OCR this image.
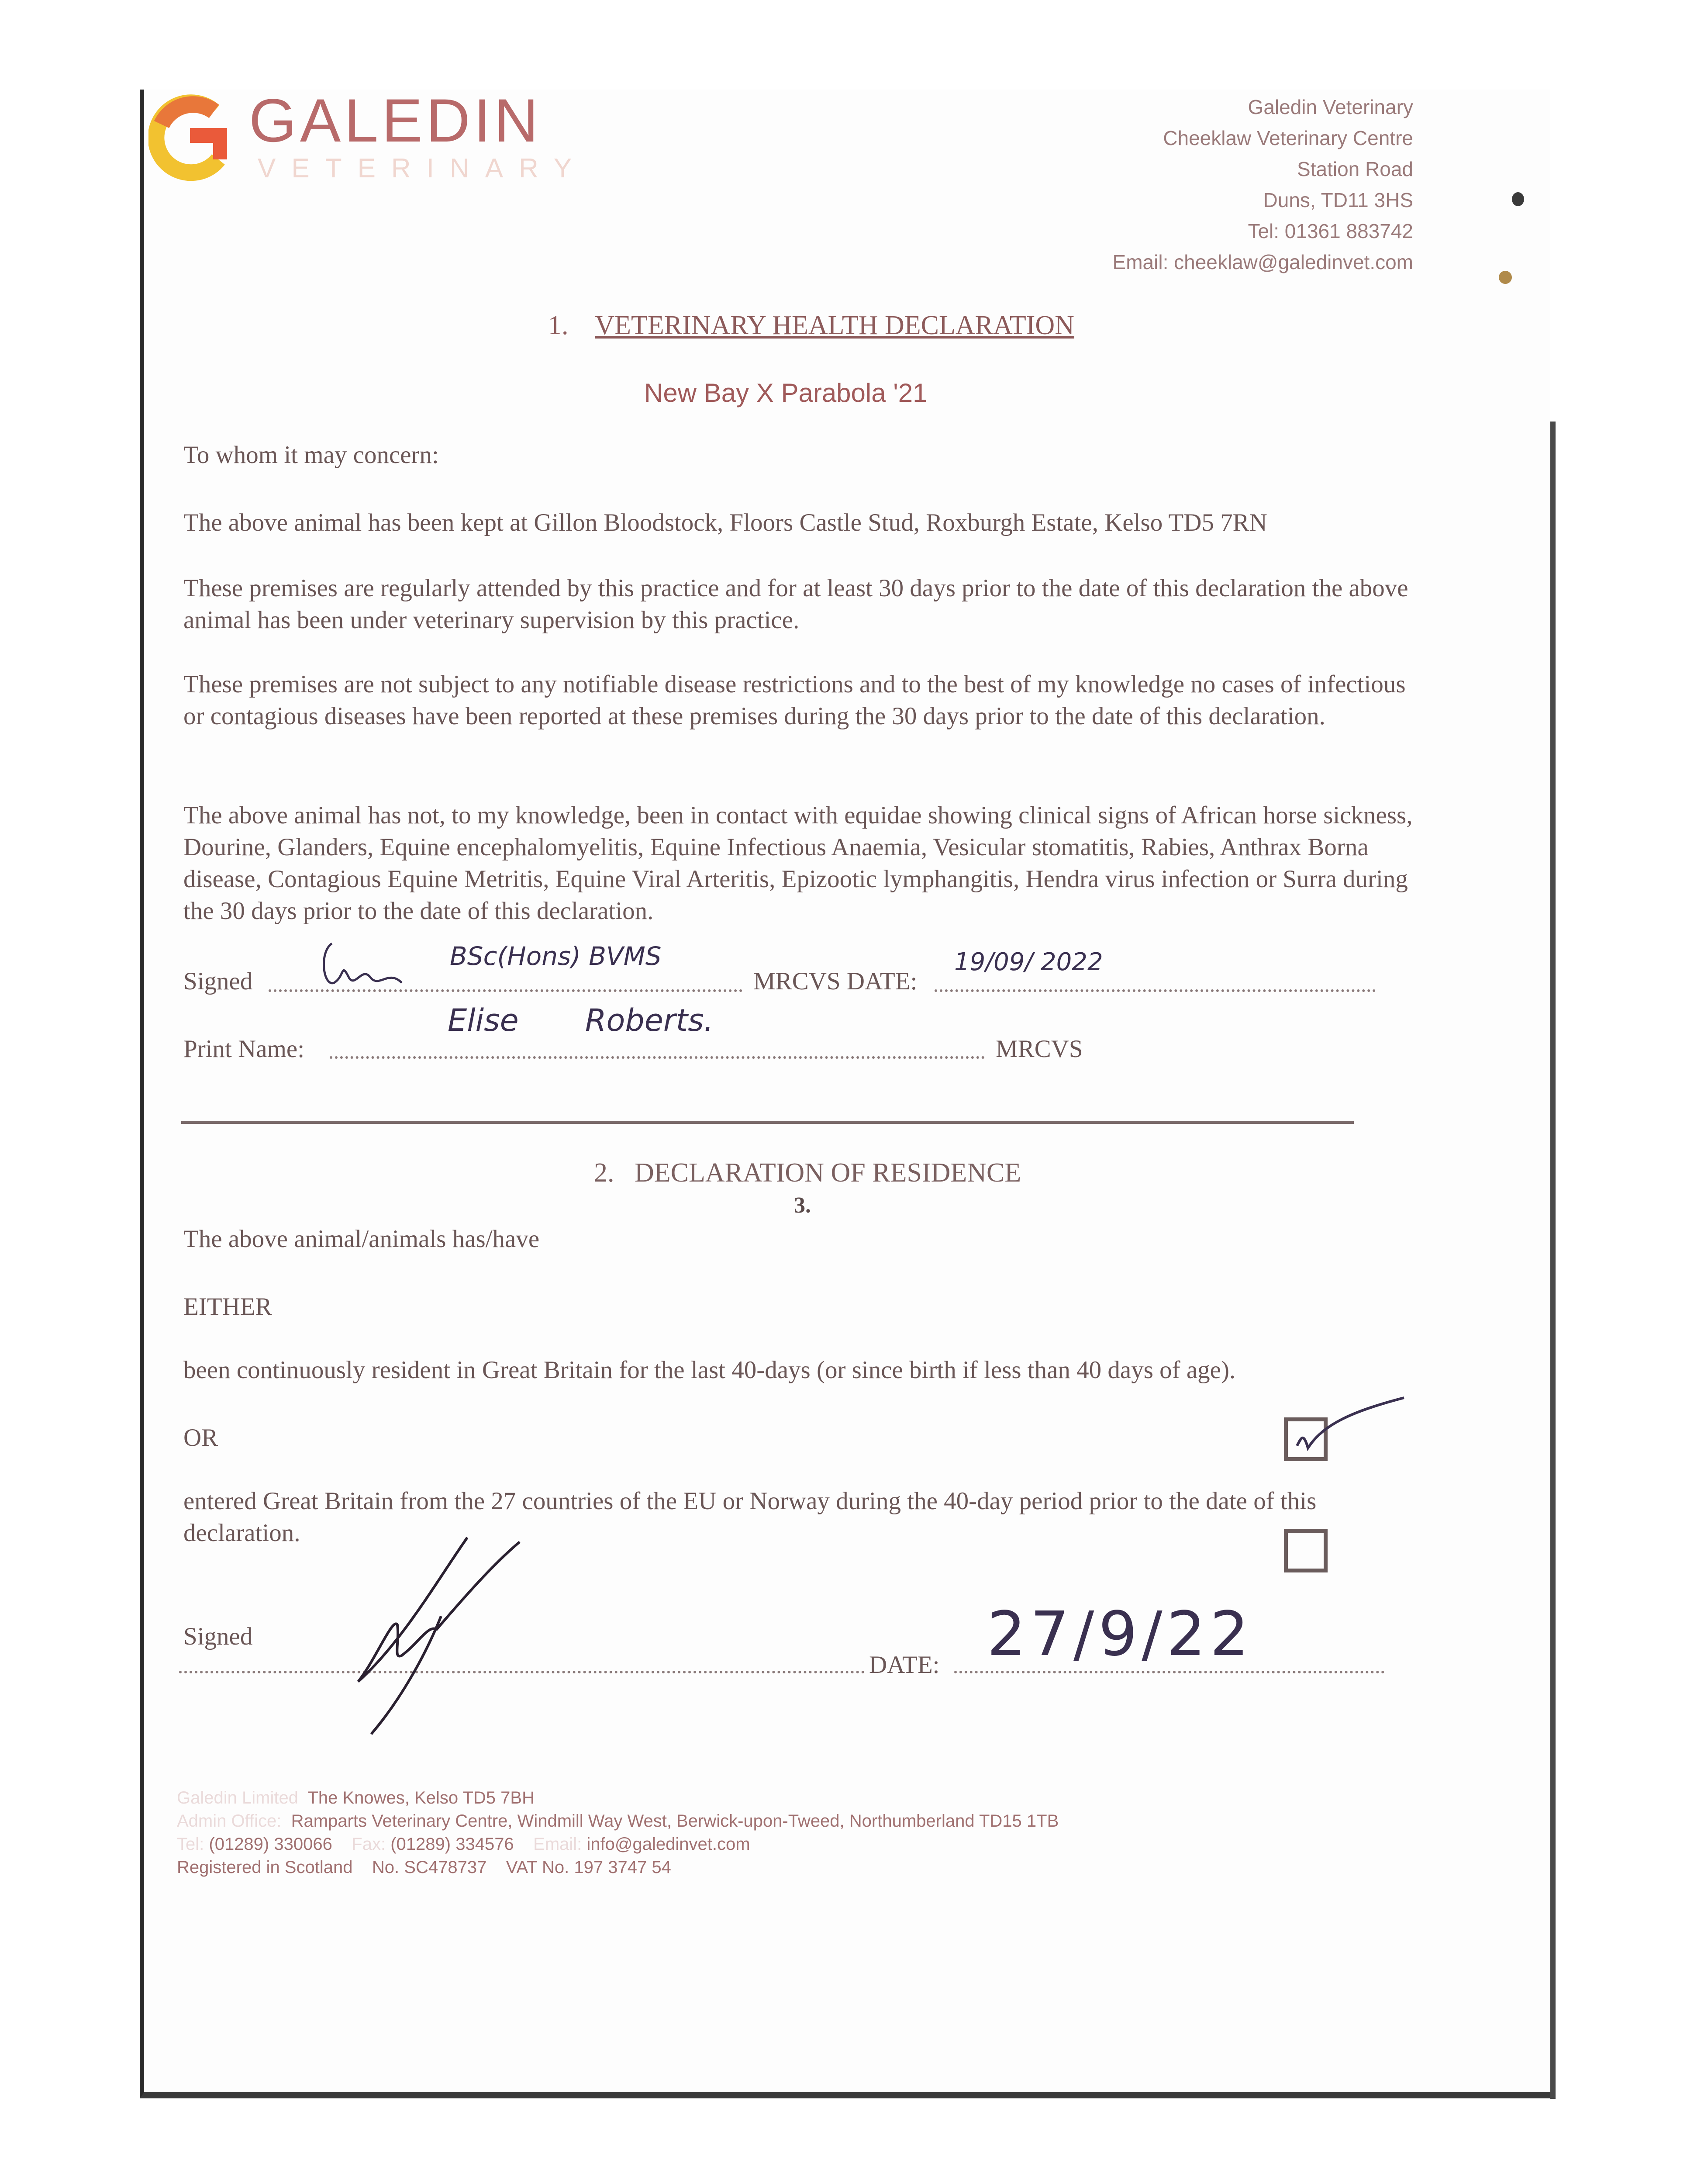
GALEDIN
VETERINARY
Galedin Veterinary
Cheeklaw Veterinary Centre
Station Road
Duns, TD11 3HS
Tel: 01361 883742
Email: cheeklaw@galedinvet.com
1. VETERINARY HEALTH DECLARATION
New Bay X Parabola '21
To whom it may concern:
The above animal has been kept at Gillon Bloodstock, Floors Castle Stud, Roxburgh Estate, Kelso TD5 7RN
These premises are regularly attended by this practice and for at least 30 days prior to the date of this declaration the above animal has been under veterinary supervision by this practice.
These premises are not subject to any notifiable disease restrictions and to the best of my knowledge no cases of infectious or contagious diseases have been reported at these premises during the 30 days prior to the date of this declaration.
The above animal has not, to my knowledge, been in contact with equidae showing clinical signs of African horse sickness, Dourine, Glanders, Equine encephalomyelitis, Equine Infectious Anaemia, Vesicular stomatitis, Rabies, Anthrax Borna disease, Contagious Equine Metritis, Equine Viral Arteritis, Epizootic lymphangitis, Hendra virus infection or Surra during the 30 days prior to the date of this declaration.
Signed
BSc(Hons) BVMS
MRCVS DATE:
19/09/ 2022
Print Name:
Elise Roberts.
MRCVS
2. DECLARATION OF RESIDENCE
3.
The above animal/animals has/have
EITHER
been continuously resident in Great Britain for the last 40-days (or since birth if less than 40 days of age).
OR
entered Great Britain from the 27 countries of the EU or Norway during the 40-day period prior to the date of this declaration.
Signed
DATE: 27/9/22
Galedin Limited The Knowes, Kelso TD5 7BH
Admin Office: Ramparts Veterinary Centre, Windmill Way West, Berwick-upon-Tweed, Northumberland TD15 1TB
Tel: (01289) 330066 Fax: (01289) 334576 Email: info@galedinvet.com
Registered in Scotland No. SC478737 VAT No. 197 3747 54
